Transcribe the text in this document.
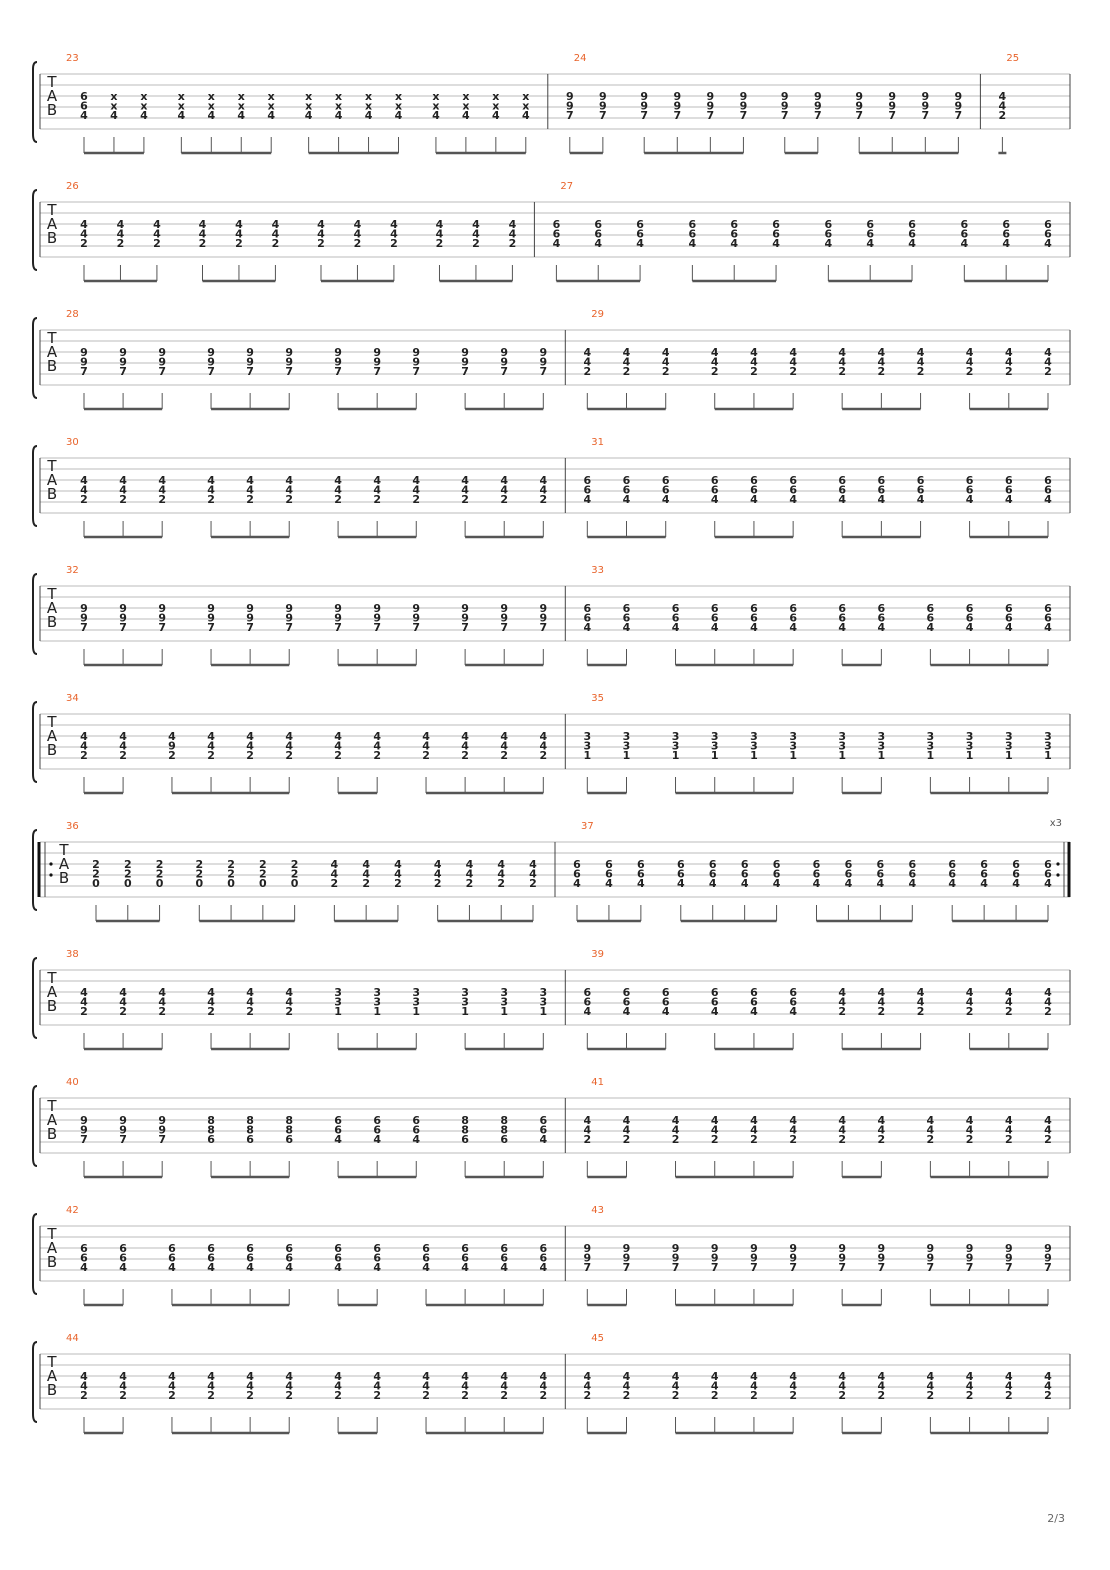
T
A
B
23
6
6
4
x
x
4
x
x
4
x
x
4
x
x
4
x
x
4
x
x
4
x
x
4
x
x
4
x
x
4
x
x
4
x
x
4
x
x
4
x
x
4
x
x
4
24
9
9
7
9
9
7
9
9
7
9
9
7
9
9
7
9
9
7
9
9
7
9
9
7
9
9
7
9
9
7
9
9
7
9
9
7
25
4
4
2
T
A
B
26
4
4
2
4
4
2
4
4
2
4
4
2
4
4
2
4
4
2
4
4
2
4
4
2
4
4
2
4
4
2
4
4
2
4
4
2
27
6
6
4
6
6
4
6
6
4
6
6
4
6
6
4
6
6
4
6
6
4
6
6
4
6
6
4
6
6
4
6
6
4
6
6
4
T
A
B
28
9
9
7
9
9
7
9
9
7
9
9
7
9
9
7
9
9
7
9
9
7
9
9
7
9
9
7
9
9
7
9
9
7
9
9
7
29
4
4
2
4
4
2
4
4
2
4
4
2
4
4
2
4
4
2
4
4
2
4
4
2
4
4
2
4
4
2
4
4
2
4
4
2
T
A
B
30
4
4
2
4
4
2
4
4
2
4
4
2
4
4
2
4
4
2
4
4
2
4
4
2
4
4
2
4
4
2
4
4
2
4
4
2
31
6
6
4
6
6
4
6
6
4
6
6
4
6
6
4
6
6
4
6
6
4
6
6
4
6
6
4
6
6
4
6
6
4
6
6
4
T
A
B
32
9
9
7
9
9
7
9
9
7
9
9
7
9
9
7
9
9
7
9
9
7
9
9
7
9
9
7
9
9
7
9
9
7
9
9
7
33
6
6
4
6
6
4
6
6
4
6
6
4
6
6
4
6
6
4
6
6
4
6
6
4
6
6
4
6
6
4
6
6
4
6
6
4
T
A
B
34
4
4
2
4
4
2
4
9
2
4
4
2
4
4
2
4
4
2
4
4
2
4
4
2
4
4
2
4
4
2
4
4
2
4
4
2
35
3
3
1
3
3
1
3
3
1
3
3
1
3
3
1
3
3
1
3
3
1
3
3
1
3
3
1
3
3
1
3
3
1
3
3
1
T
A
B
x3
36
2
2
0
2
2
0
2
2
0
2
2
0
2
2
0
2
2
0
2
2
0
4
4
2
4
4
2
4
4
2
4
4
2
4
4
2
4
4
2
4
4
2
37
6
6
4
6
6
4
6
6
4
6
6
4
6
6
4
6
6
4
6
6
4
6
6
4
6
6
4
6
6
4
6
6
4
6
6
4
6
6
4
6
6
4
6
6
4
T
A
B
38
4
4
2
4
4
2
4
4
2
4
4
2
4
4
2
4
4
2
3
3
1
3
3
1
3
3
1
3
3
1
3
3
1
3
3
1
39
6
6
4
6
6
4
6
6
4
6
6
4
6
6
4
6
6
4
4
4
2
4
4
2
4
4
2
4
4
2
4
4
2
4
4
2
T
A
B
40
9
9
7
9
9
7
9
9
7
8
8
6
8
8
6
8
8
6
6
6
4
6
6
4
6
6
4
8
8
6
8
8
6
6
6
4
41
4
4
2
4
4
2
4
4
2
4
4
2
4
4
2
4
4
2
4
4
2
4
4
2
4
4
2
4
4
2
4
4
2
4
4
2
T
A
B
42
6
6
4
6
6
4
6
6
4
6
6
4
6
6
4
6
6
4
6
6
4
6
6
4
6
6
4
6
6
4
6
6
4
6
6
4
43
9
9
7
9
9
7
9
9
7
9
9
7
9
9
7
9
9
7
9
9
7
9
9
7
9
9
7
9
9
7
9
9
7
9
9
7
T
A
B
44
4
4
2
4
4
2
4
4
2
4
4
2
4
4
2
4
4
2
4
4
2
4
4
2
4
4
2
4
4
2
4
4
2
4
4
2
45
4
4
2
4
4
2
4
4
2
4
4
2
4
4
2
4
4
2
4
4
2
4
4
2
4
4
2
4
4
2
4
4
2
4
4
2
2/3
